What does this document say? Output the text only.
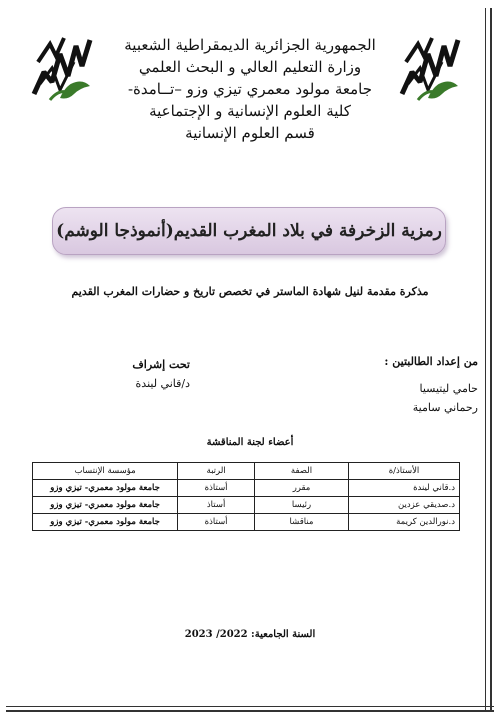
الجمهورية الجزائرية الديمقراطية الشعبية
وزارة التعليم العالي و البحث العلمي
جامعة مولود معمري تيزي وزو –تــامدة-
كلية العلوم الإنسانية و الإجتماعية
قسم العلوم الإنسانية
رمزية الزخرفة في بلاد المغرب القديم(أنموذجا الوشم)
مذكرة مقدمة لنيل شهادة الماستر في تخصص تاريخ و حضارات المغرب القديم
من إعداد الطالبتين :
حامي ليتيسيا
رحماني سامية
تحت إشراف
د/قاني ليندة
أعضاء لجنة المناقشة
الأستاذ/ة	الصفة	الرتبة	مؤسسة الإنتساب
د.قاني ليندة	مقرر	أستاذة	جامعة مولود معمري- تيزي وزو
د.صديقي عزدين	رئيسا	أستاذ	جامعة مولود معمري- تيزي وزو
د.نورالدين كريمة	مناقشا	أستاذة	جامعة مولود معمري- تيزي وزو
السنة الجامعية: 2022/ 2023
